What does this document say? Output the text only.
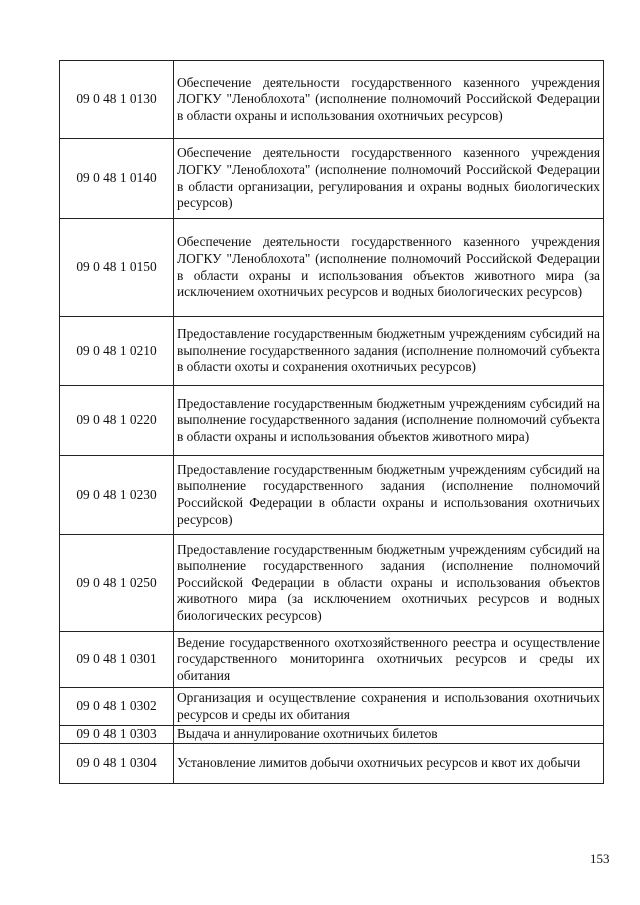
09 0 48 1 0130	Обеспечение деятельности государственного казенного учреждения ЛОГКУ "Леноблохота" (исполнение полномочий Российской Федерации в области охраны и использования охотничьих ресурсов)
09 0 48 1 0140	Обеспечение деятельности государственного казенного учреждения ЛОГКУ "Леноблохота" (исполнение полномочий Российской Федерации в области организации, регулирования и охраны водных биологических ресурсов)
09 0 48 1 0150	Обеспечение деятельности государственного казенного учреждения ЛОГКУ "Леноблохота" (исполнение полномочий Российской Федерации в области охраны и использования объектов животного мира (за исключением охотничьих ресурсов и водных биологических ресурсов)
09 0 48 1 0210	Предоставление государственным бюджетным учреждениям субсидий на выполнение государственного задания (исполнение полномочий субъекта в области охоты и сохранения охотничьих ресурсов)
09 0 48 1 0220	Предоставление государственным бюджетным учреждениям субсидий на выполнение государственного задания (исполнение полномочий субъекта в области охраны и использования объектов животного мира)
09 0 48 1 0230	Предоставление государственным бюджетным учреждениям субсидий на выполнение государственного задания (исполнение полномочий Российской Федерации в области охраны и использования охотничьих ресурсов)
09 0 48 1 0250	Предоставление государственным бюджетным учреждениям субсидий на выполнение государственного задания (исполнение полномочий Российской Федерации в области охраны и использования объектов животного мира (за исключением охотничьих ресурсов и водных биологических ресурсов)
09 0 48 1 0301	Ведение государственного охотхозяйственного реестра и осуществление государственного мониторинга охотничьих ресурсов и среды их обитания
09 0 48 1 0302	Организация и осуществление сохранения и использования охотничьих ресурсов и среды их обитания
09 0 48 1 0303	Выдача и аннулирование охотничьих билетов
09 0 48 1 0304	Установление лимитов добычи охотничьих ресурсов и квот их добычи
153
